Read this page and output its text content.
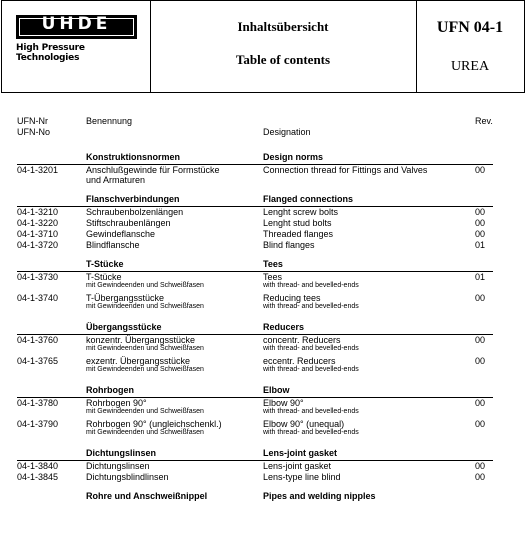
UHDE
High Pressure Technologies
Inhaltsübersicht
Table of contents
UFN 04-1
UREA
UFN-Nr
UFN-No
Benennung
Designation
Rev.
Konstruktionsnormen	Design norms
04-1-3201	Anschlußgewinde für Formstücke	Connection thread for Fittings and Valves	00
und Armaturen
Flanschverbindungen	Flanged connections
04-1-3210	Schraubenbolzenlängen	Lenght screw bolts	00
04-1-3220	Stiftschraubenlängen	Lenght stud bolts	00
04-1-3710	Gewindeflansche	Threaded flanges	00
04-1-3720	Blindflansche	Blind flanges	01
T-Stücke	Tees
04-1-3730	T-Stücke	Tees	01
mit Gewindeenden und Schweißfasen	with thread- and bevelled-ends
04-1-3740	T-Übergangsstücke	Reducing tees	00
mit Gewindeenden und Schweißfasen	with thread- and bevelled-ends
Übergangsstücke	Reducers
04-1-3760	konzentr. Übergangsstücke	concentr. Reducers	00
mit Gewindeenden und Schweißfasen	with thread- and bevelled-ends
04-1-3765	exzentr. Übergangsstücke	eccentr. Reducers	00
mit Gewindeenden und Schweißfasen	with thread- and bevelled-ends
Rohrbogen	Elbow
04-1-3780	Rohrbogen 90°	Elbow 90°	00
mit Gewindeenden und Schweißfasen	with thread- and bevelled-ends
04-1-3790	Rohrbogen 90° (ungleichschenkl.)	Elbow 90° (unequal)	00
mit Gewindeenden und Schweißfasen	with thread- and bevelled-ends
Dichtungslinsen	Lens-joint gasket
04-1-3840	Dichtungslinsen	Lens-joint gasket	00
04-1-3845	Dichtungsblindlinsen	Lens-type line blind	00
Rohre und Anschweißnippel	Pipes and welding nipples
